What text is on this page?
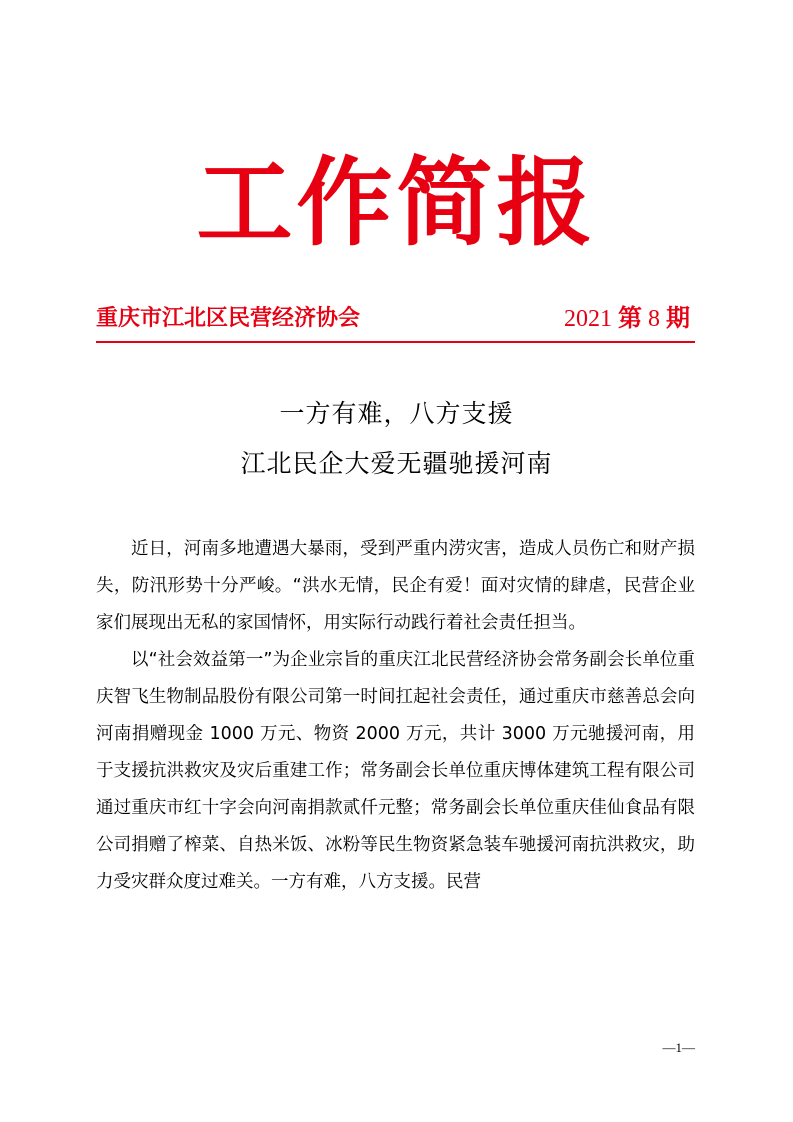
工作简报
重庆市江北区民营经济协会	2021 第 8 期
一方有难，八方支援
江北民企大爱无疆驰援河南

近日，河南多地遭遇大暴雨，受到严重内涝灾害，造成人员伤亡和财产损失，防汛形势十分严峻。“洪水无情，民企有爱！面对灾情的肆虐，民营企业家们展现出无私的家国情怀，用实际行动践行着社会责任担当。

以“社会效益第一”为企业宗旨的重庆江北民营经济协会常务副会长单位重庆智飞生物制品股份有限公司第一时间扛起社会责任，通过重庆市慈善总会向河南捐赠现金 1000 万元、物资 2000 万元，共计 3000 万元驰援河南，用于支援抗洪救灾及灾后重建工作；常务副会长单位重庆博体建筑工程有限公司通过重庆市红十字会向河南捐款贰仟元整；常务副会长单位重庆佳仙食品有限公司捐赠了榨菜、自热米饭、冰粉等民生物资紧急装车驰援河南抗洪救灾，助力受灾群众度过难关。一方有难，八方支援。民营

—1—
